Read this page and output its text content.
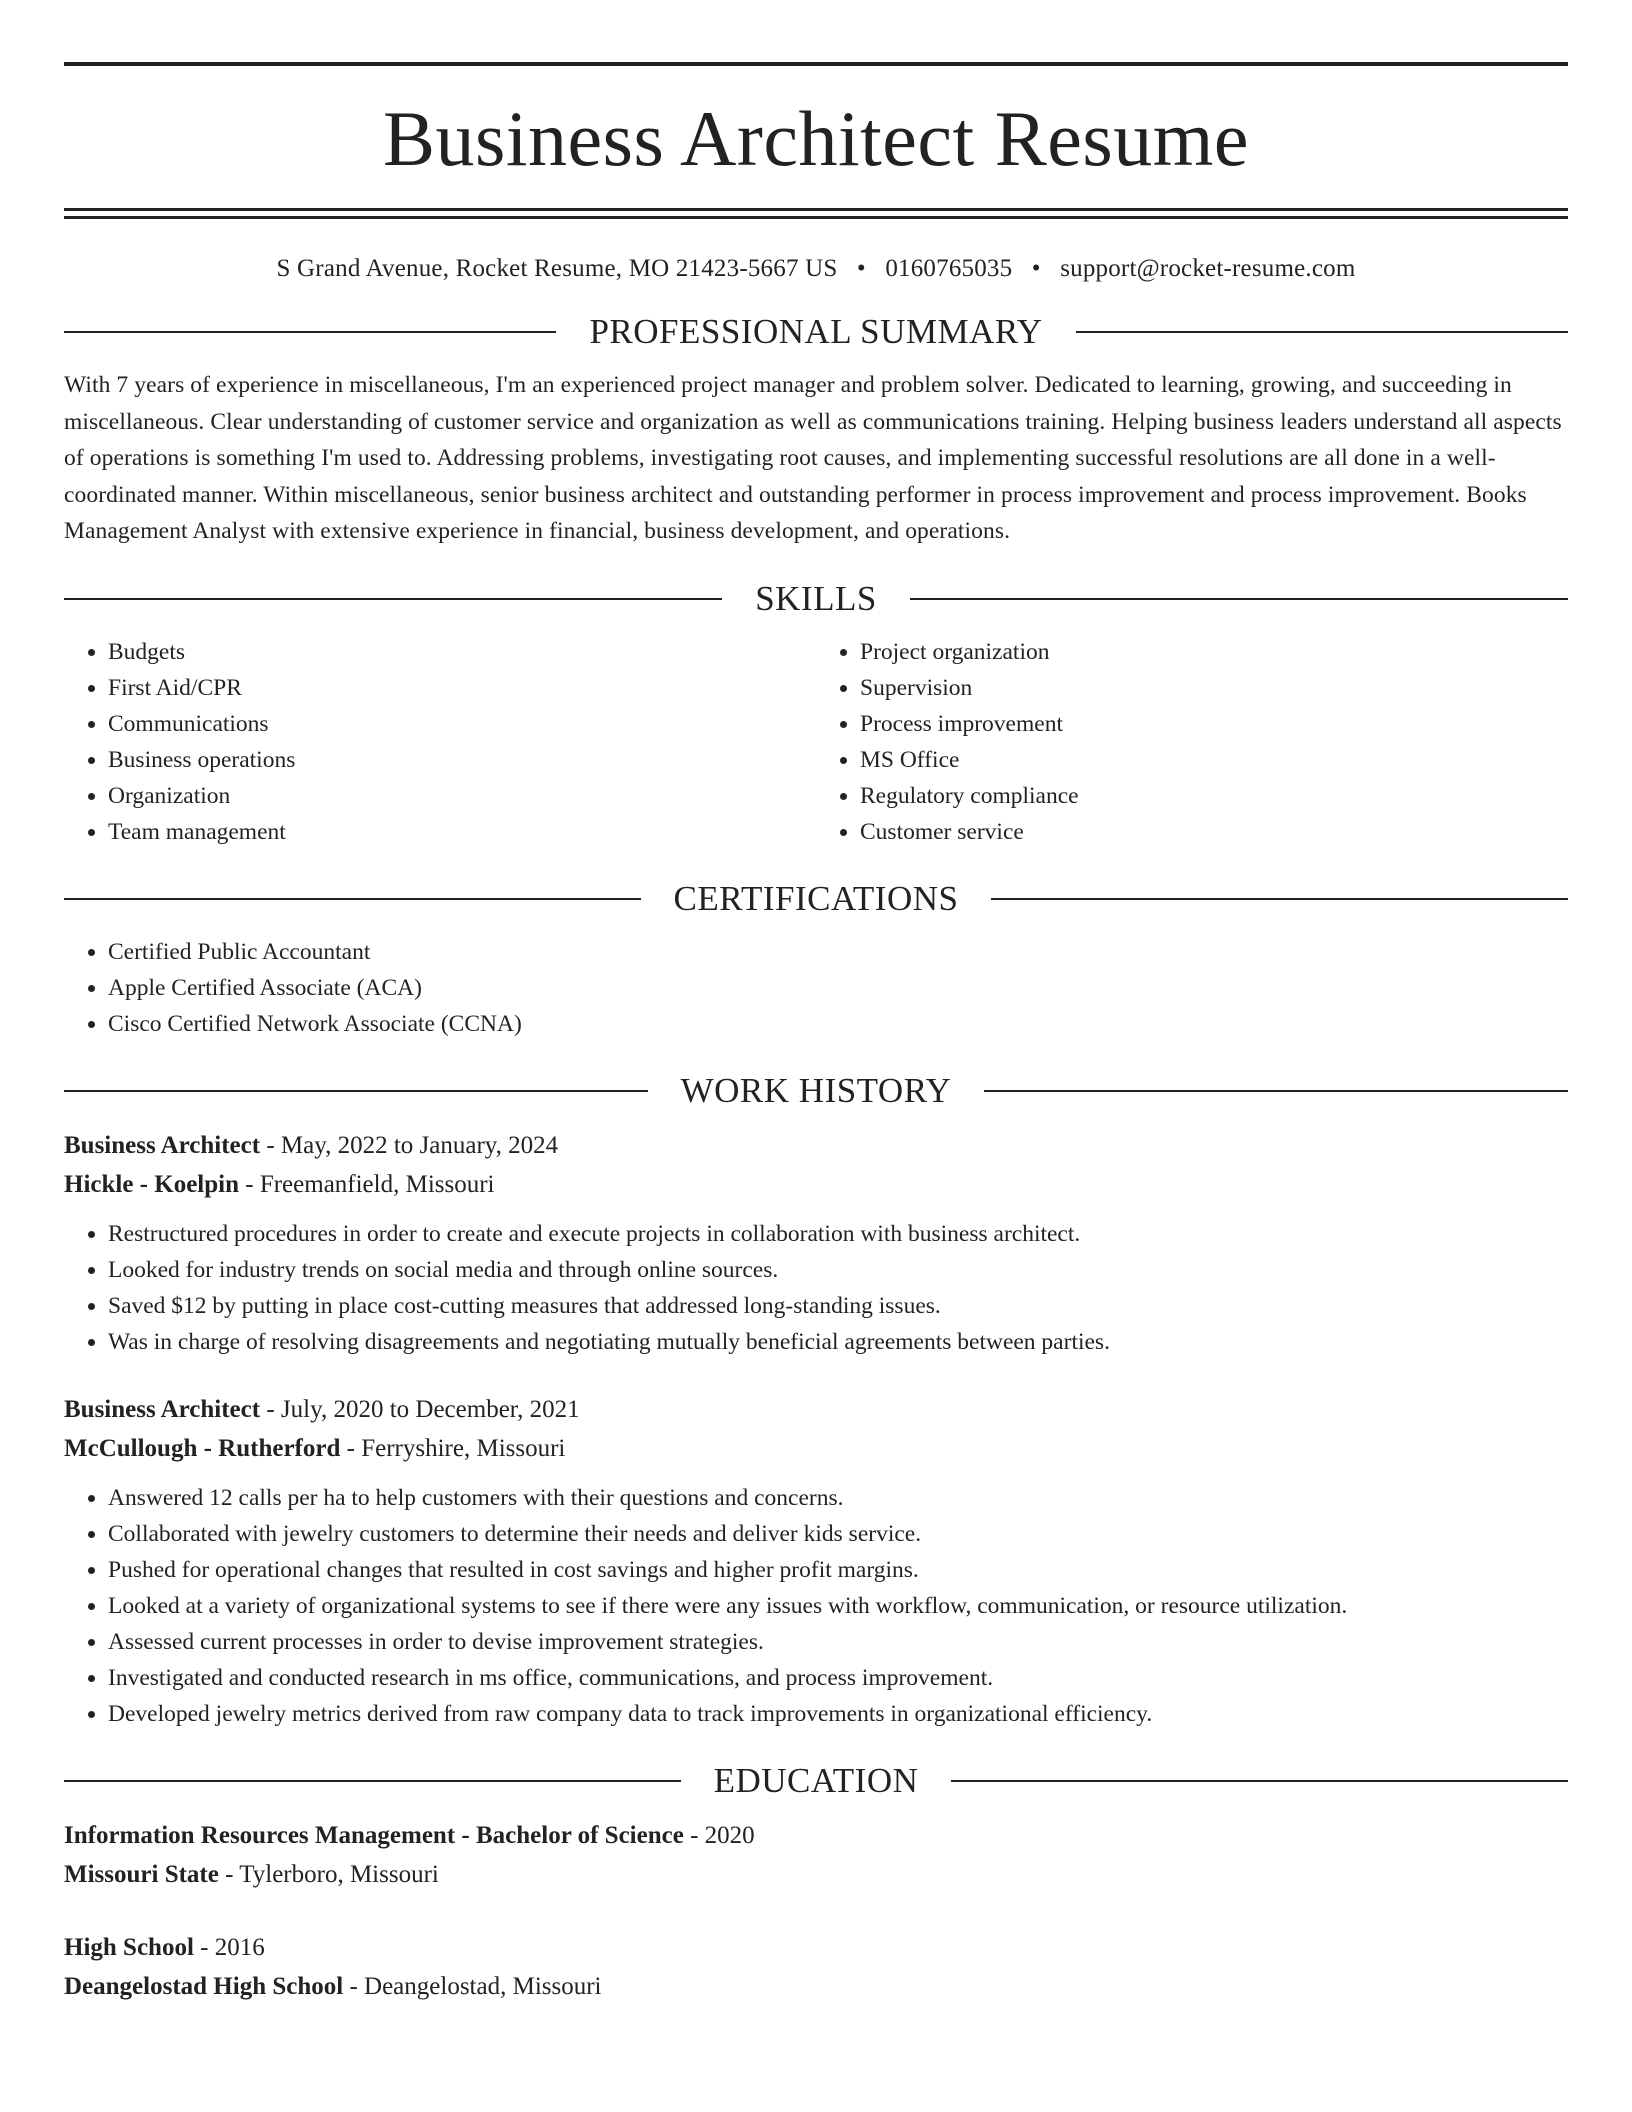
Business Architect Resume
S Grand Avenue, Rocket Resume, MO 21423-5667 US • 0160765035 • support@rocket-resume.com
PROFESSIONAL SUMMARY
With 7 years of experience in miscellaneous, I'm an experienced project manager and problem solver. Dedicated to learning, growing, and succeeding in miscellaneous. Clear understanding of customer service and organization as well as communications training. Helping business leaders understand all aspects of operations is something I'm used to. Addressing problems, investigating root causes, and implementing successful resolutions are all done in a well-coordinated manner. Within miscellaneous, senior business architect and outstanding performer in process improvement and process improvement. Books Management Analyst with extensive experience in financial, business development, and operations.
SKILLS
• Budgets
• First Aid/CPR
• Communications
• Business operations
• Organization
• Team management
• Project organization
• Supervision
• Process improvement
• MS Office
• Regulatory compliance
• Customer service
CERTIFICATIONS
• Certified Public Accountant
• Apple Certified Associate (ACA)
• Cisco Certified Network Associate (CCNA)
WORK HISTORY
Business Architect - May, 2022 to January, 2024
Hickle - Koelpin - Freemanfield, Missouri
• Restructured procedures in order to create and execute projects in collaboration with business architect.
• Looked for industry trends on social media and through online sources.
• Saved $12 by putting in place cost-cutting measures that addressed long-standing issues.
• Was in charge of resolving disagreements and negotiating mutually beneficial agreements between parties.
Business Architect - July, 2020 to December, 2021
McCullough - Rutherford - Ferryshire, Missouri
• Answered 12 calls per ha to help customers with their questions and concerns.
• Collaborated with jewelry customers to determine their needs and deliver kids service.
• Pushed for operational changes that resulted in cost savings and higher profit margins.
• Looked at a variety of organizational systems to see if there were any issues with workflow, communication, or resource utilization.
• Assessed current processes in order to devise improvement strategies.
• Investigated and conducted research in ms office, communications, and process improvement.
• Developed jewelry metrics derived from raw company data to track improvements in organizational efficiency.
EDUCATION
Information Resources Management - Bachelor of Science - 2020
Missouri State - Tylerboro, Missouri
High School - 2016
Deangelostad High School - Deangelostad, Missouri
